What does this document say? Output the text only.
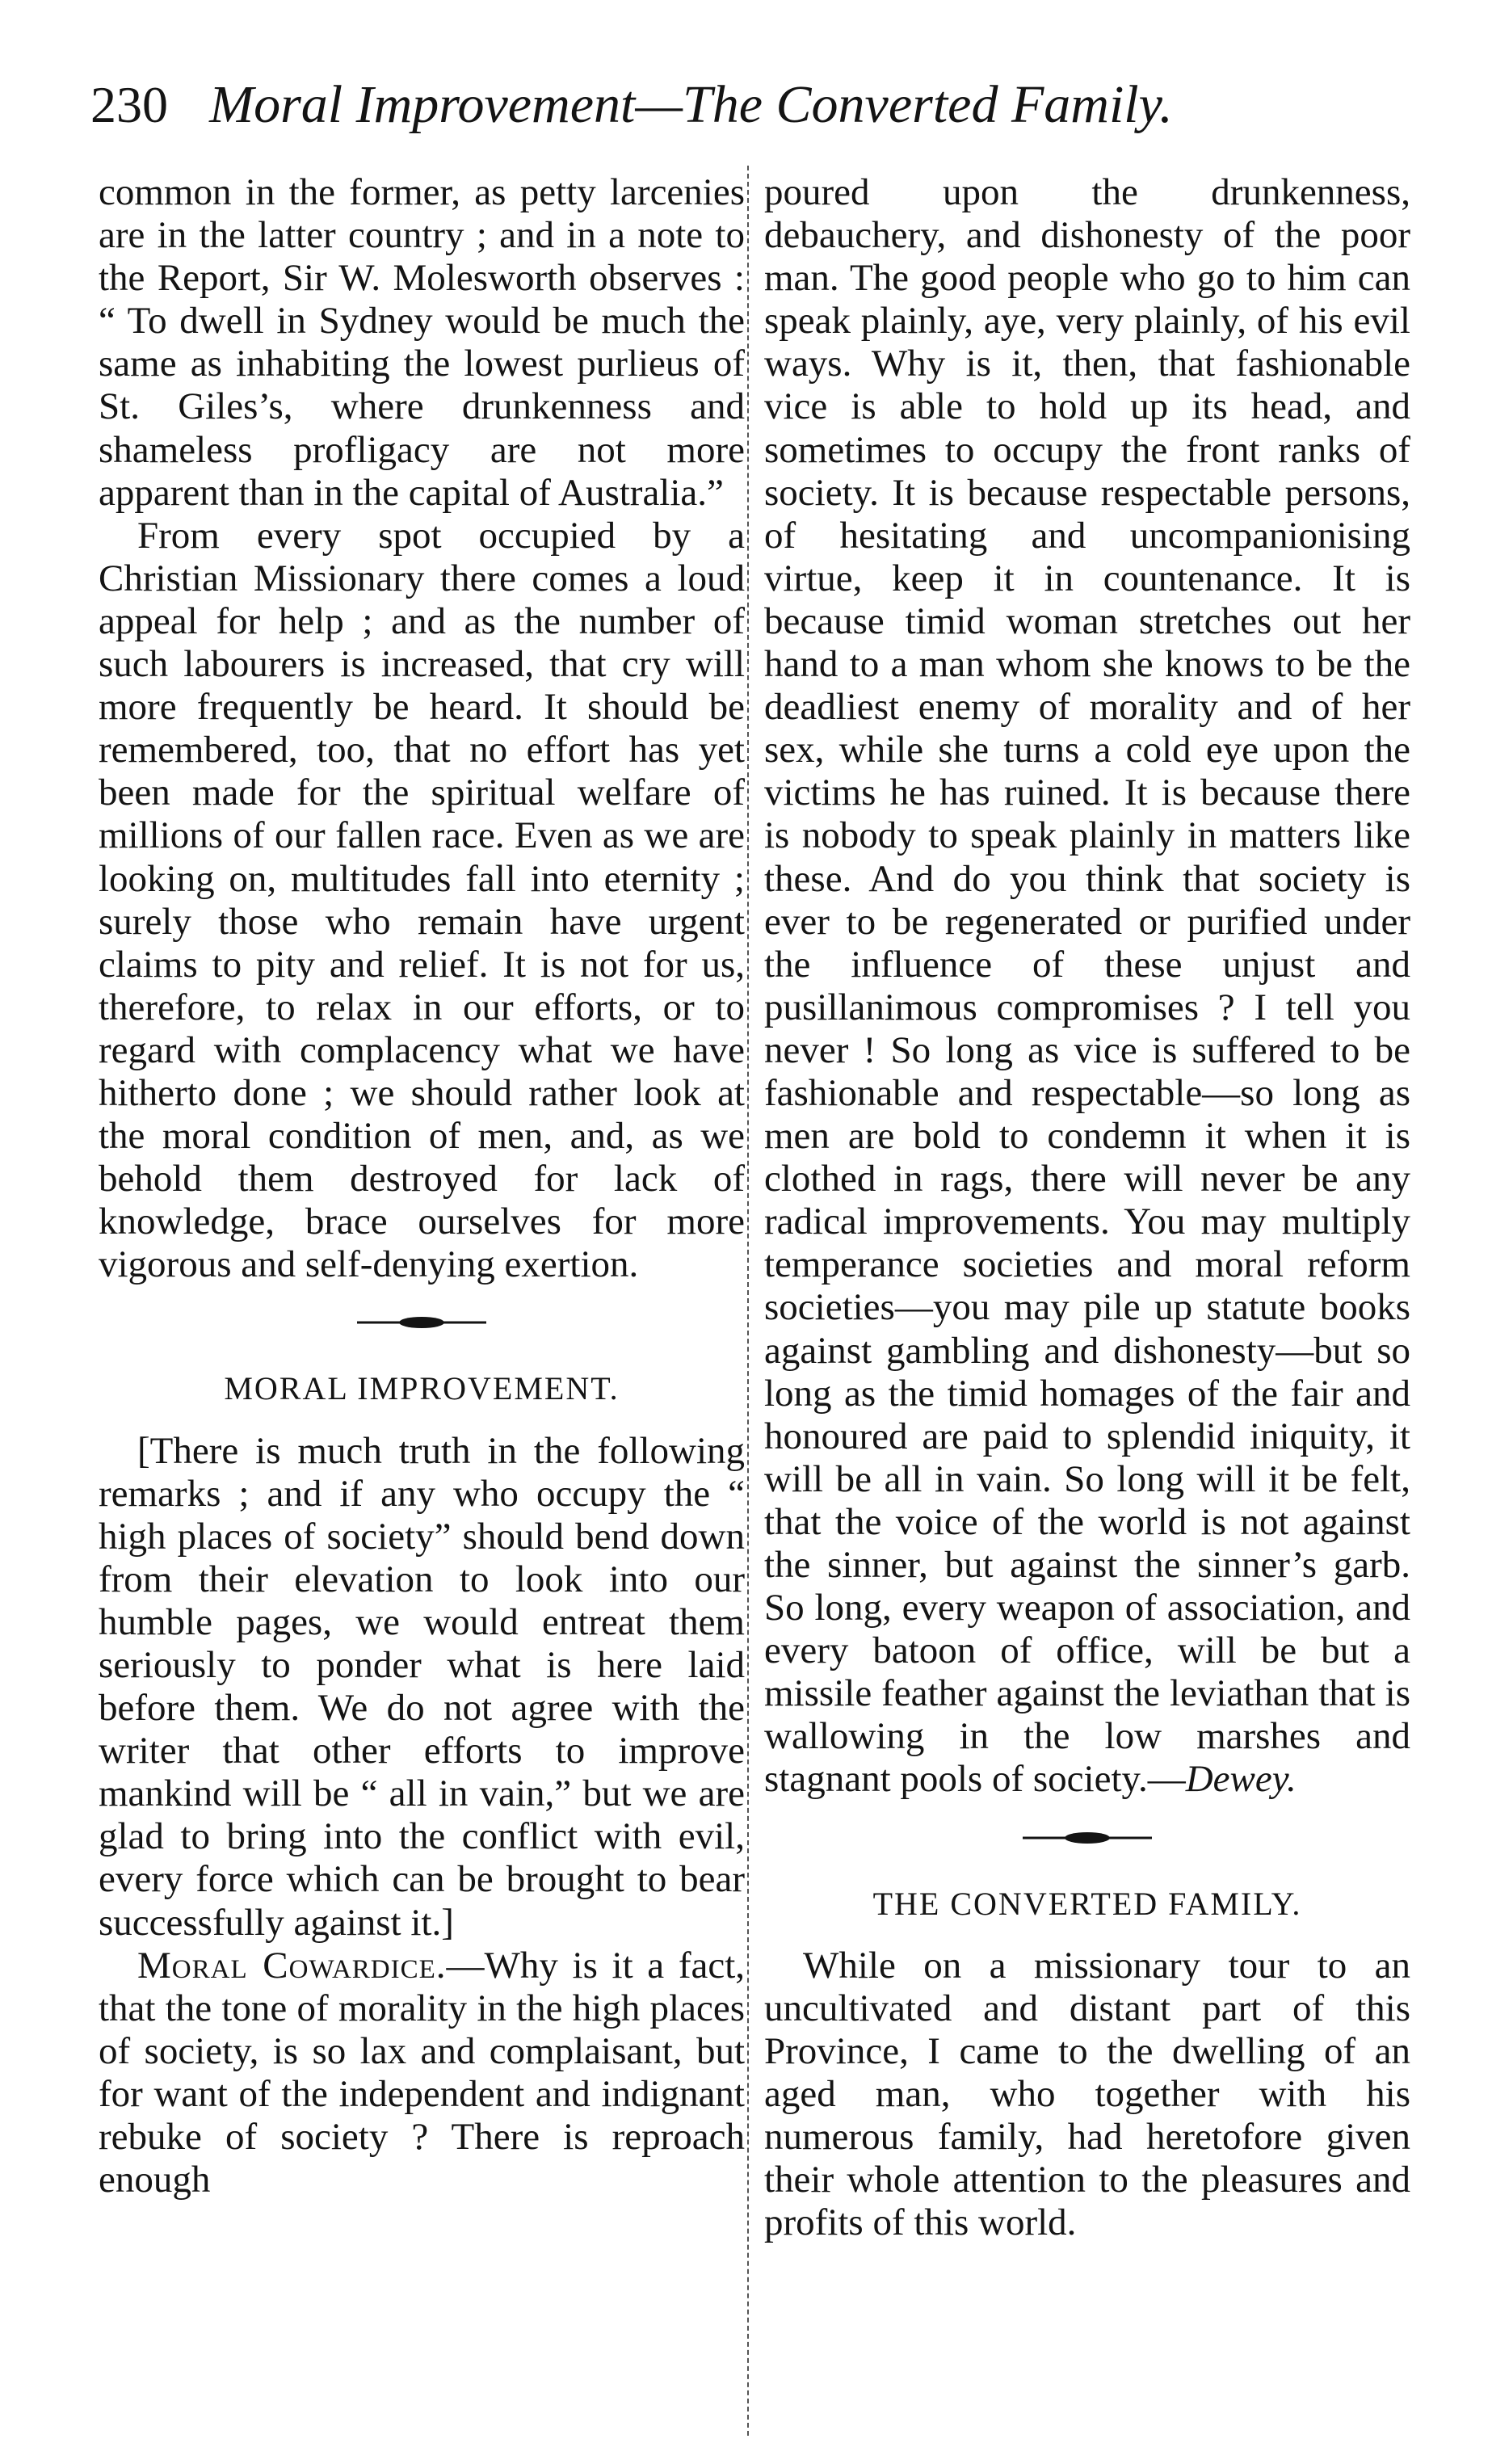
230 Moral Improvement—The Converted Family.

common in the former, as petty larcenies are in the latter country ; and in a note to the Report, Sir W. Molesworth observes : “ To dwell in Sydney would be much the same as inhabiting the lowest purlieus of St. Giles’s, where drunkenness and shameless profligacy are not more apparent than in the capital of Australia.”

From every spot occupied by a Christian Missionary there comes a loud appeal for help ; and as the number of such labourers is increased, that cry will more frequently be heard. It should be remembered, too, that no effort has yet been made for the spiritual welfare of millions of our fallen race. Even as we are looking on, multitudes fall into eternity ; surely those who remain have urgent claims to pity and relief. It is not for us, therefore, to relax in our efforts, or to regard with complacency what we have hitherto done ; we should rather look at the moral condition of men, and, as we behold them destroyed for lack of knowledge, brace ourselves for more vigorous and self-denying exertion.

MORAL IMPROVEMENT.

[There is much truth in the following remarks ; and if any who occupy the “ high places of society” should bend down from their elevation to look into our humble pages, we would entreat them seriously to ponder what is here laid before them. We do not agree with the writer that other efforts to improve mankind will be “ all in vain,” but we are glad to bring into the conflict with evil, every force which can be brought to bear successfully against it.]

Moral Cowardice.—Why is it a fact, that the tone of morality in the high places of society, is so lax and complaisant, but for want of the independent and indignant rebuke of society ? There is reproach enough

poured upon the drunkenness, debauchery, and dishonesty of the poor man. The good people who go to him can speak plainly, aye, very plainly, of his evil ways. Why is it, then, that fashionable vice is able to hold up its head, and sometimes to occupy the front ranks of society. It is because respectable persons, of hesitating and uncompanionising virtue, keep it in countenance. It is because timid woman stretches out her hand to a man whom she knows to be the deadliest enemy of morality and of her sex, while she turns a cold eye upon the victims he has ruined. It is because there is nobody to speak plainly in matters like these. And do you think that society is ever to be regenerated or purified under the influence of these unjust and pusillanimous compromises ? I tell you never ! So long as vice is suffered to be fashionable and respectable—so long as men are bold to condemn it when it is clothed in rags, there will never be any radical improvements. You may multiply temperance societies and moral reform societies—you may pile up statute books against gambling and dishonesty—but so long as the timid homages of the fair and honoured are paid to splendid iniquity, it will be all in vain. So long will it be felt, that the voice of the world is not against the sinner, but against the sinner’s garb. So long, every weapon of association, and every batoon of office, will be but a missile feather against the leviathan that is wallowing in the low marshes and stagnant pools of society.—Dewey.

THE CONVERTED FAMILY.

While on a missionary tour to an uncultivated and distant part of this Province, I came to the dwelling of an aged man, who together with his numerous family, had heretofore given their whole attention to the pleasures and profits of this world.
